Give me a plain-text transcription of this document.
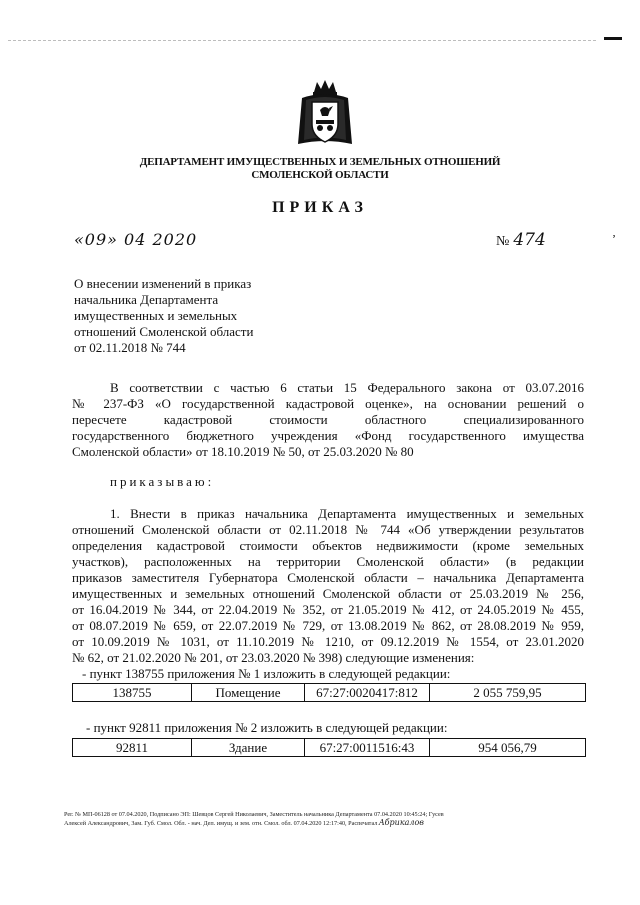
ДЕПАРТАМЕНТ ИМУЩЕСТВЕННЫХ И ЗЕМЕЛЬНЫХ ОТНОШЕНИЙ
СМОЛЕНСКОЙ ОБЛАСТИ
ПРИКАЗ
«09» 04 2020	№ 474	ʼ
О внесении изменений в приказ
начальника Департамента
имущественных и земельных
отношений Смоленской области
от 02.11.2018 № 744
В соответствии с частью 6 статьи 15 Федерального закона от 03.07.2016
№ 237-ФЗ «О государственной кадастровой оценке», на основании решений о
пересчете кадастровой стоимости областного специализированного
государственного бюджетного учреждения «Фонд государственного имущества
Смоленской области» от 18.10.2019 № 50, от 25.03.2020 № 80
приказываю:
1. Внести в приказ начальника Департамента имущественных и земельных
отношений Смоленской области от 02.11.2018 № 744 «Об утверждении результатов
определения кадастровой стоимости объектов недвижимости (кроме земельных
участков), расположенных на территории Смоленской области» (в редакции
приказов заместителя Губернатора Смоленской области – начальника Департамента
имущественных и земельных отношений Смоленской области от 25.03.2019 № 256,
от 16.04.2019 № 344, от 22.04.2019 № 352, от 21.05.2019 № 412, от 24.05.2019 № 455,
от 08.07.2019 № 659, от 22.07.2019 № 729, от 13.08.2019 № 862, от 28.08.2019 № 959,
от 10.09.2019 № 1031, от 11.10.2019 № 1210, от 09.12.2019 № 1554, от 23.01.2020
№ 62, от 21.02.2020 № 201, от 23.03.2020 № 398) следующие изменения:
- пункт 138755 приложения № 1 изложить в следующей редакции:
138755	Помещение	67:27:0020417:812	2 055 759,95
- пункт 92811 приложения № 2 изложить в следующей редакции:
92811	Здание	67:27:0011516:43	954 056,79
Рег. № МП-06128 от 07.04.2020, Подписано ЭП: Шевцов Сергей Николаевич, Заместитель начальника Департамента 07.04.2020 10:45:24; Гусев
Алексей Александрович, Зам. Губ. Смол. Обл. - нач. Деп. имущ. и зем. отн. Смол. обл. 07.04.2020 12:17:40, Распечатал Aбрикалов
